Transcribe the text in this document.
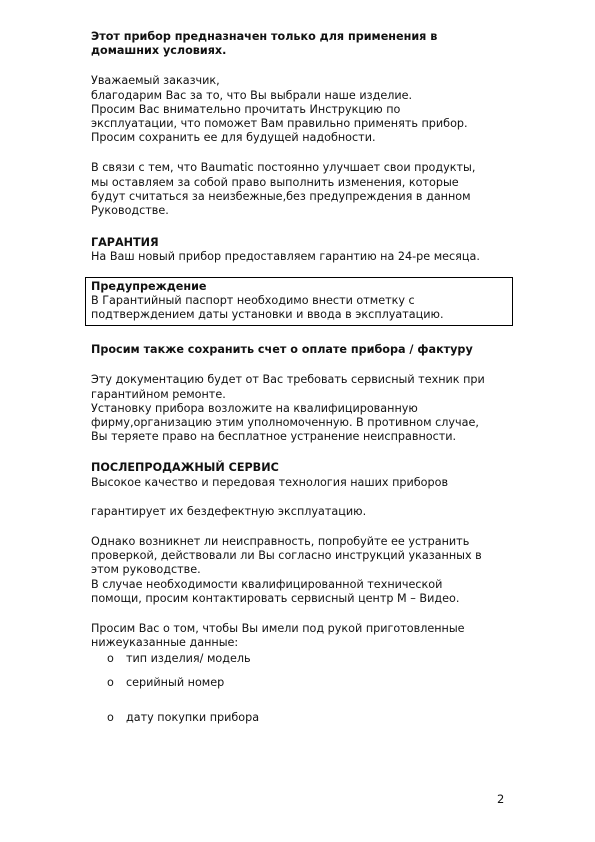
Этот прибор предназначен только для применения в
домашних условиях.

Уважаемый заказчик,
благодарим Вас за то, что Вы выбрали наше изделие.
Просим Вас внимательно прочитать Инструкцию по
эксплуатации, что поможет Вам правильно применять прибор.
Просим сохранить ее для будущей надобности.

В связи с тем, что Baumatic постоянно улучшает свои продукты,
мы оставляем за собой право выполнить изменения, которые
будут считаться за неизбежные,без предупреждения в данном
Руководстве.

ГАРАНТИЯ

На Ваш новый прибор предоставляем гарантию на 24-ре месяца.

Предупреждение

В Гарантийный паспорт необходимо внести отметку с
подтверждением даты установки и ввода в эксплуатацию.

Просим также сохранить счет о оплате прибора / фактуру

Эту документацию будет от Вас требовать сервисный техник при
гарантийном ремонте.
Установку прибора возложите на квалифицированную
фирму,организацию этим уполномоченную. В противном случае,
Вы теряете право на бесплатное устранение неисправности.

ПОСЛЕПРОДАЖНЫЙ СЕРВИС

Высокое качество и передовая технология наших приборов

гарантирует их бездефектную эксплуатацию.

Однако возникнет ли неисправность, попробуйте ее устранить
проверкой, действовали ли Вы согласно инструкций указанных в
этом руководстве.
В случае необходимости квалифицированной технической
помощи, просим контактировать сервисный центр М – Видео.

Просим Вас о том, чтобы Вы имели под рукой приготовленные
нижеуказанные данные:

o тип изделия/ модель
o серийный номер
o дату покупки прибора
2
